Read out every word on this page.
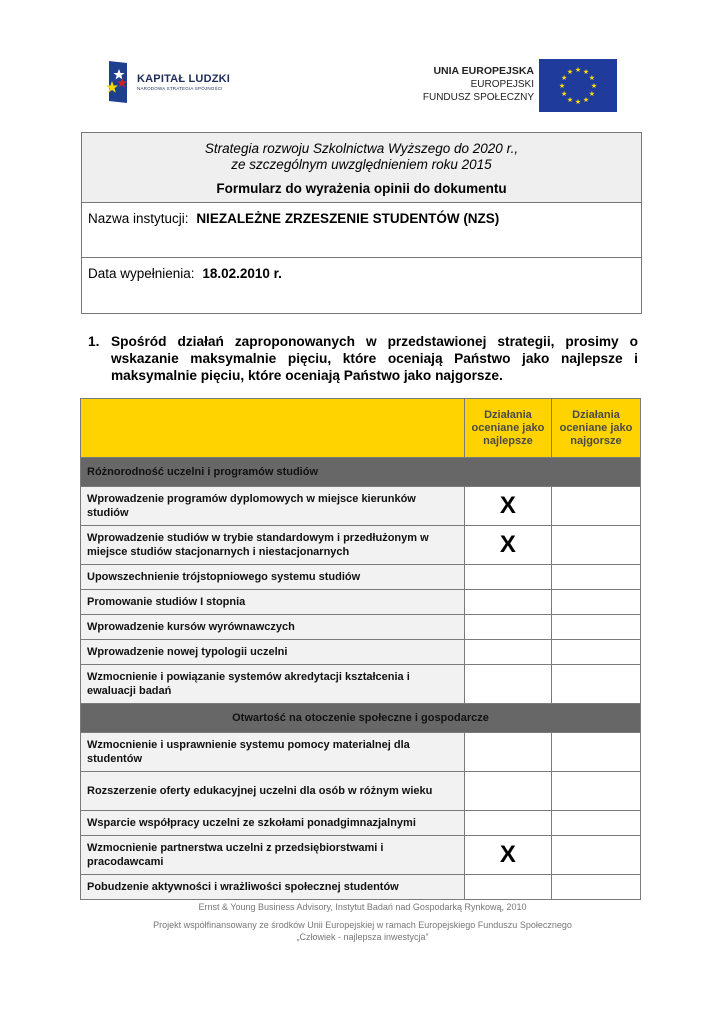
KAPITAŁ LUDZKI
NARODOWA STRATEGIA SPÓJNOŚCI
UNIA EUROPEJSKA
EUROPEJSKI
FUNDUSZ SPOŁECZNY
★ ★
★
★
★
★
★
★
★
★
★
★
Strategia rozwoju Szkolnictwa Wyższego do 2020 r.,
ze szczególnym uwzględnieniem roku 2015
Formularz do wyrażenia opinii do dokumentu
Nazwa instytucji: NIEZALEŻNE ZRZESZENIE STUDENTÓW (NZS)
Data wypełnienia: 18.02.2010 r.
1. Spośród działań zaproponowanych w przedstawionej strategii, prosimy o wskazanie maksymalnie pięciu, które oceniają Państwo jako najlepsze i maksymalnie pięciu, które oceniają Państwo jako najgorsze.
	Działania oceniane jako najlepsze	Działania oceniane jako najgorsze
Różnorodność uczelni i programów studiów		
Wprowadzenie programów dyplomowych w miejsce kierunków studiów	X	
Wprowadzenie studiów w trybie standardowym i przedłużonym w miejsce studiów stacjonarnych i niestacjonarnych	X	
Upowszechnienie trójstopniowego systemu studiów		
Promowanie studiów I stopnia		
Wprowadzenie kursów wyrównawczych		
Wprowadzenie nowej typologii uczelni		
Wzmocnienie i powiązanie systemów akredytacji kształcenia i ewaluacji badań		
Otwartość na otoczenie społeczne i gospodarcze		
Wzmocnienie i usprawnienie systemu pomocy materialnej dla studentów		
Rozszerzenie oferty edukacyjnej uczelni dla osób w różnym wieku		
Wsparcie współpracy uczelni ze szkołami ponadgimnazjalnymi		
Wzmocnienie partnerstwa uczelni z przedsiębiorstwami i pracodawcami	X	
Pobudzenie aktywności i wrażliwości społecznej studentów		
Ernst & Young Business Advisory, Instytut Badań nad Gospodarką Rynkową, 2010
Projekt współfinansowany ze środków Unii Europejskiej w ramach Europejskiego Funduszu Społecznego
„Człowiek - najlepsza inwestycja”
